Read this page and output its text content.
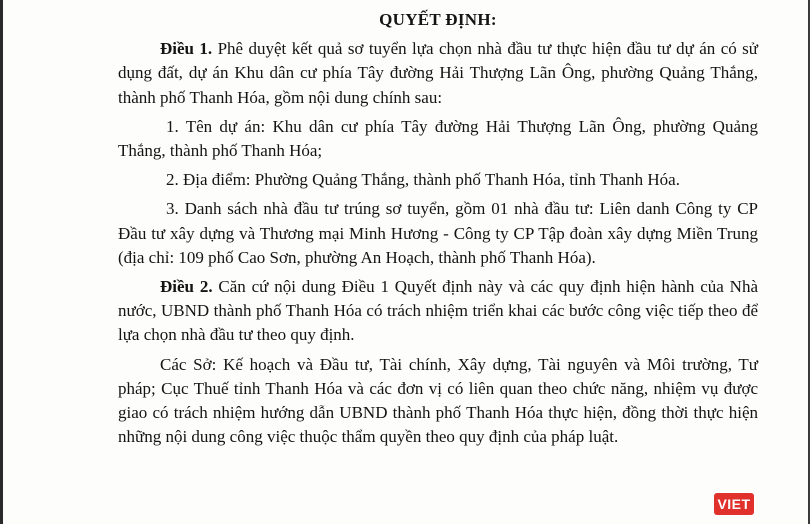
QUYẾT ĐỊNH:

Điều 1. Phê duyệt kết quả sơ tuyển lựa chọn nhà đầu tư thực hiện đầu tư dự án có sử dụng đất, dự án Khu dân cư phía Tây đường Hải Thượng Lãn Ông, phường Quảng Thắng, thành phố Thanh Hóa, gồm nội dung chính sau:

1. Tên dự án: Khu dân cư phía Tây đường Hải Thượng Lãn Ông, phường Quảng Thắng, thành phố Thanh Hóa;

2. Địa điểm: Phường Quảng Thắng, thành phố Thanh Hóa, tỉnh Thanh Hóa.

3. Danh sách nhà đầu tư trúng sơ tuyển, gồm 01 nhà đầu tư: Liên danh Công ty CP Đầu tư xây dựng và Thương mại Minh Hương - Công ty CP Tập đoàn xây dựng Miền Trung (địa chỉ: 109 phố Cao Sơn, phường An Hoạch, thành phố Thanh Hóa).

Điều 2. Căn cứ nội dung Điều 1 Quyết định này và các quy định hiện hành của Nhà nước, UBND thành phố Thanh Hóa có trách nhiệm triển khai các bước công việc tiếp theo để lựa chọn nhà đầu tư theo quy định.

Các Sở: Kế hoạch và Đầu tư, Tài chính, Xây dựng, Tài nguyên và Môi trường, Tư pháp; Cục Thuế tỉnh Thanh Hóa và các đơn vị có liên quan theo chức năng, nhiệm vụ được giao có trách nhiệm hướng dẫn UBND thành phố Thanh Hóa thực hiện, đồng thời thực hiện những nội dung công việc thuộc thẩm quyền theo quy định của pháp luật.

VIET
